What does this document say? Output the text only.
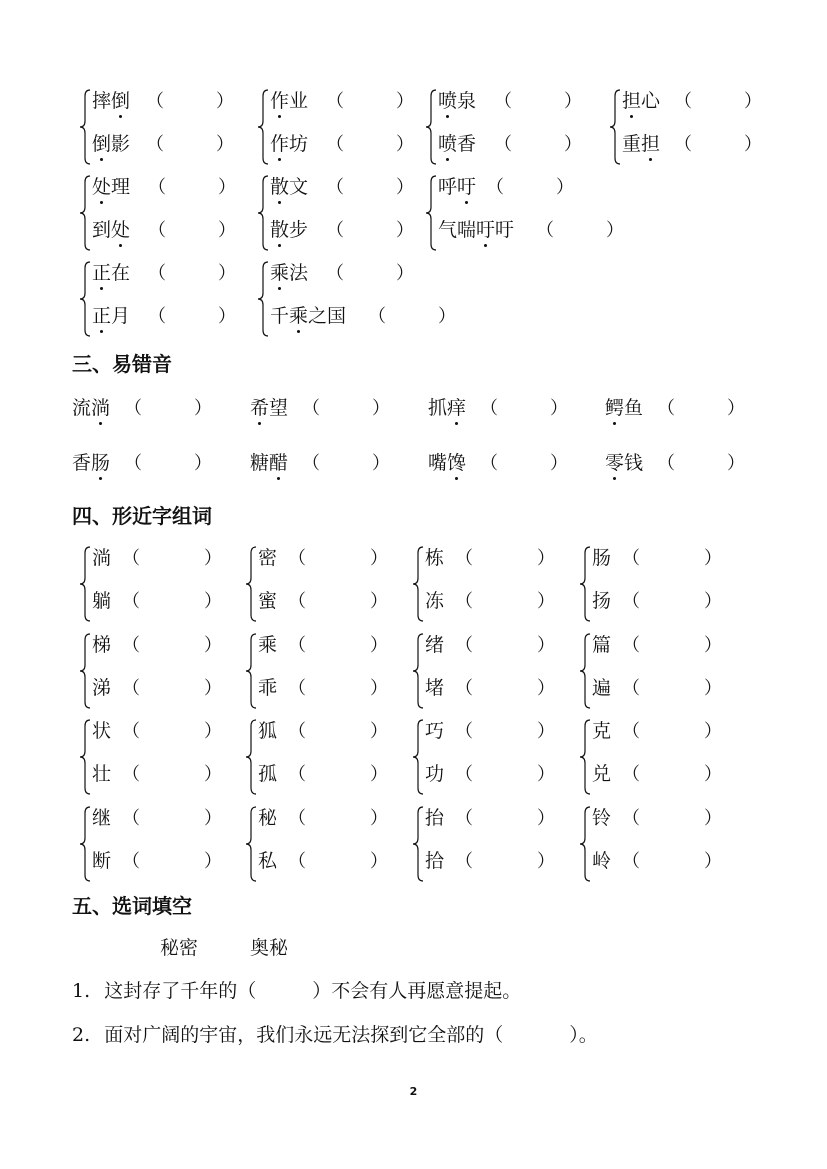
摔倒 （	）
倒影 （	）
作业 （	）
作坊 （	）
喷泉 （	）
喷香 （	）
担心 （	）
重担 （	）
处理 （	）
到处 （	）
散文 （	）
散步 （	）
呼吁 （	）
气喘吁吁 （	）
正在 （	）
正月 （	）
乘法 （	）
千乘之国 （	）
三、易错音
流淌 （	） 希望 （	） 抓痒 （	） 鳄鱼 （	）
香肠 （	） 糖醋 （	） 嘴馋 （	） 零钱 （	）
四、形近字组词
淌 （	）
躺 （	）
密 （	）
蜜 （	）
栋 （	）
冻 （	）
肠 （	）
扬 （	）
梯 （	）
涕 （	）
乘 （	）
乖 （	）
绪 （	）
堵 （	）
篇 （	）
遍 （	）
状 （	）
壮 （	）
狐 （	）
孤 （	）
巧 （	）
功 （	）
克 （	）
兑 （	）
继 （	）
断 （	）
秘 （	）
私 （	）
抬 （	）
拾 （	）
铃 （	）
岭 （	）
五、选词填空
秘密	奥秘
1. 这封存了千年的（	）不会有人再愿意提起。
2. 面对广阔的宇宙，我们永远无法探到它全部的（	）。
2
